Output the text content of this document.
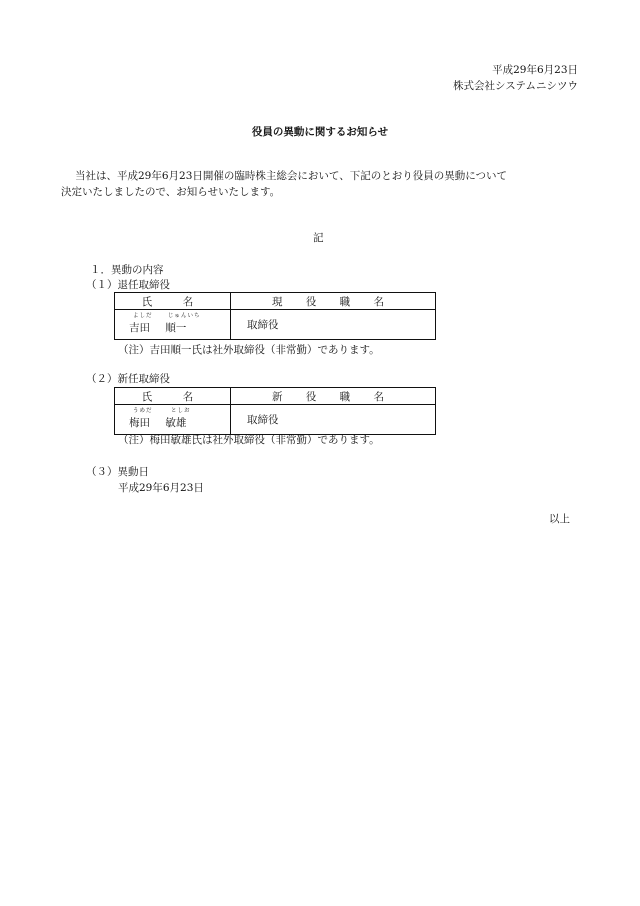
平成29年6月23日
株式会社システムニシツウ
役員の異動に関するお知らせ
当社は、平成29年6月23日開催の臨時株主総会において、下記のとおり役員の異動について
決定いたしましたので、お知らせいたします。
記
１．異動の内容
（１）退任取締役
氏　名	現 役 職 名

よしだ じゅんいち
吉田 順一	取締役
（注）吉田順一氏は社外取締役（非常勤）であります。
（２）新任取締役
氏　名	新 役 職 名

うめだ としお
梅田 敏雄	取締役
（注）梅田敏雄氏は社外取締役（非常勤）であります。
（３）異動日
平成29年6月23日
以上
